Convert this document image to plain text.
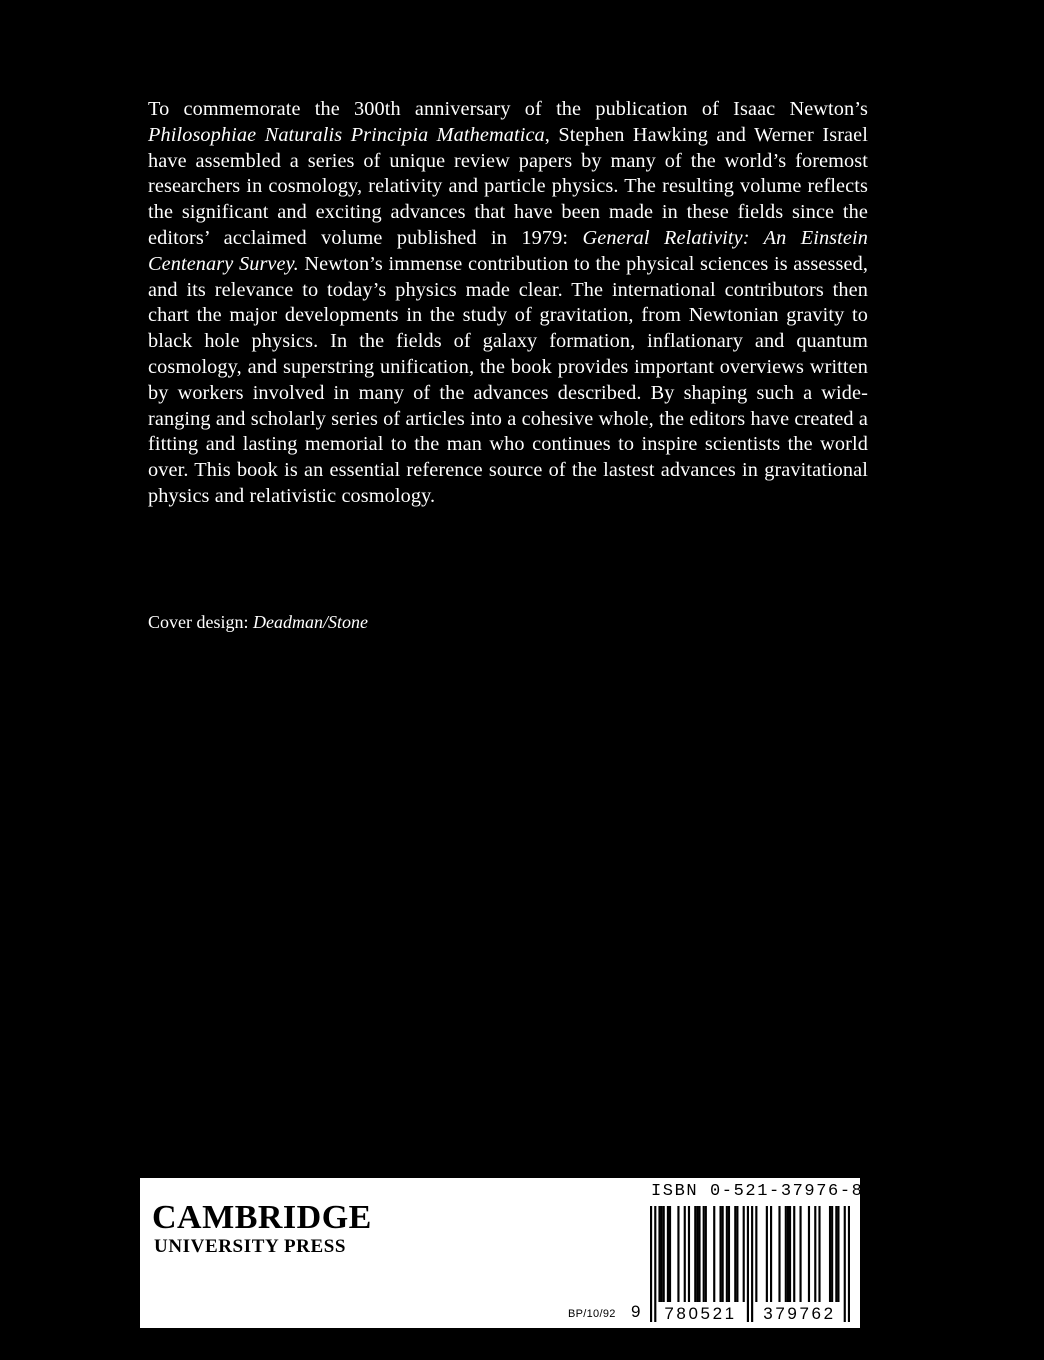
To commemorate the 300th anniversary of the publication of Isaac Newton’s Philosophiae Naturalis Principia Mathematica, Stephen Hawking and Werner Israel have assembled a series of unique review papers by many of the world’s foremost researchers in cosmology, relativity and particle physics. The resulting volume reflects the significant and exciting advances that have been made in these fields since the editors’ acclaimed volume published in 1979: General Relativity: An Einstein Centenary Survey. Newton’s immense contribution to the physical sciences is assessed, and its relevance to today’s physics made clear. The international contributors then chart the major developments in the study of gravitation, from Newtonian gravity to black hole physics. In the fields of galaxy formation, inflationary and quantum cosmology, and superstring unification, the book provides important overviews written by workers involved in many of the advances described. By shaping such a wide-ranging and scholarly series of articles into a cohesive whole, the editors have created a fitting and lasting memorial to the man who continues to inspire scientists the world over. This book is an essential reference source of the lastest advances in gravitational physics and relativistic cosmology.

Cover design: Deadman/Stone

CAMBRIDGE
UNIVERSITY PRESS
ISBN 0-521-37976-8
BP/10/92 9 780521 379762
